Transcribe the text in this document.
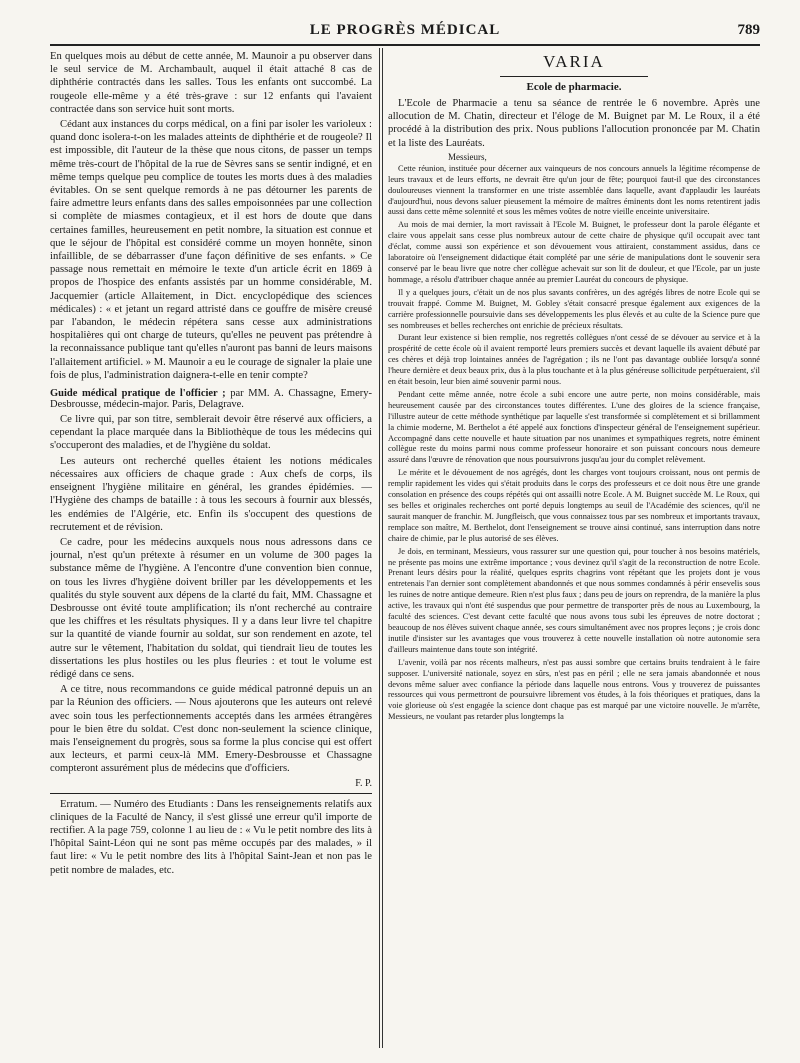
LE PROGRÈS MÉDICAL	789

En quelques mois au début de cette année, M. Maunoir a pu observer dans le seul service de M. Archambault, auquel il était attaché 8 cas de diphthérie contractés dans les salles. Tous les enfants ont succombé. La rougeole elle-même y a été très-grave : sur 12 enfants qui l'avaient contractée dans son service huit sont morts.

Cédant aux instances du corps médical, on a fini par isoler les varioleux : quand donc isolera-t-on les malades atteints de diphthérie et de rougeole? Il est impossible, dit l'auteur de la thèse que nous citons, de passer un temps même très-court de l'hôpital de la rue de Sèvres sans se sentir indigné, et en même temps quelque peu complice de toutes les morts dues à des maladies évitables. On se sent quelque remords à ne pas détourner les parents de faire admettre leurs enfants dans des salles empoisonnées par une collection si complète de miasmes contagieux, et il est hors de doute que dans certaines familles, heureusement en petit nombre, la situation est connue et que le séjour de l'hôpital est considéré comme un moyen honnête, sinon infaillible, de se débarrasser d'une façon définitive de ses enfants. » Ce passage nous remettait en mémoire le texte d'un article écrit en 1869 à propos de l'hospice des enfants assistés par un homme considérable, M. Jacquemier (article Allaitement, in Dict. encyclopédique des sciences médicales) : « et jetant un regard attristé dans ce gouffre de misère creusé par l'abandon, le médecin répétera sans cesse aux administrations hospitalières qui ont charge de tuteurs, qu'elles ne peuvent pas prétendre à la reconnaissance publique tant qu'elles n'auront pas banni de leurs maisons l'allaitement artificiel. » M. Maunoir a eu le courage de signaler la plaie une fois de plus, l'administration daignera-t-elle en tenir compte?

Guide médical pratique de l'officier ; par MM. A. Chassagne, Emery-Desbrousse, médecin-major. Paris, Delagrave.

Ce livre qui, par son titre, semblerait devoir être réservé aux officiers, a cependant la place marquée dans la Bibliothèque de tous les médecins qui s'occuperont des maladies, et de l'hygiène du soldat.

Les auteurs ont recherché quelles étaient les notions médicales nécessaires aux officiers de chaque grade : Aux chefs de corps, ils enseignent l'hygiène militaire en général, les grandes épidémies. — l'Hygiène des champs de bataille : à tous les secours à fournir aux blessés, les endémies de l'Algérie, etc. Enfin ils s'occupent des questions de recrutement et de révision.

Ce cadre, pour les médecins auxquels nous nous adressons dans ce journal, n'est qu'un prétexte à résumer en un volume de 300 pages la substance même de l'hygiène. A l'encontre d'une convention bien connue, on tous les livres d'hygiène doivent briller par les développements et les qualités du style souvent aux dépens de la clarté du fait, MM. Chassagne et Desbrousse ont évité toute amplification; ils n'ont recherché au contraire que les chiffres et les résultats physiques. Il y a dans leur livre tel chapitre sur la quantité de viande fournir au soldat, sur son rendement en azote, tel autre sur le vêtement, l'habitation du soldat, qui tiendrait lieu de toutes les dissertations les plus hostiles ou les plus fleuries : et tout le volume est rédigé dans ce sens.

A ce titre, nous recommandons ce guide médical patronné depuis un an par la Réunion des officiers. — Nous ajouterons que les auteurs ont relevé avec soin tous les perfectionnements acceptés dans les armées étrangères pour le bien être du soldat. C'est donc non-seulement la science clinique, mais l'enseignement du progrès, sous sa forme la plus concise qui est offert aux lecteurs, et parmi ceux-là MM. Emery-Desbrousse et Chassagne compteront assurément plus de médecins que d'officiers.

F. P.

Erratum. — Numéro des Etudiants : Dans les renseignements relatifs aux cliniques de la Faculté de Nancy, il s'est glissé une erreur qu'il importe de rectifier. A la page 759, colonne 1 au lieu de : « Vu le petit nombre des lits à l'hôpital Saint-Léon qui ne sont pas même occupés par des malades, » il faut lire: « Vu le petit nombre des lits à l'hôpital Saint-Jean et non pas le petit nombre de malades, etc.

VARIA
Ecole de pharmacie.

L'Ecole de Pharmacie a tenu sa séance de rentrée le 6 novembre. Après une allocution de M. Chatin, directeur et l'éloge de M. Buignet par M. Le Roux, il a été procédé à la distribution des prix. Nous publions l'allocution prononcée par M. Chatin et la liste des Lauréats.

Messieurs,

Cette réunion, instituée pour décerner aux vainqueurs de nos concours annuels la légitime récompense de leurs travaux et de leurs efforts, ne devrait être qu'un jour de fête; pourquoi faut-il que des circonstances douloureuses viennent la transformer en une triste assemblée dans laquelle, avant d'applaudir les lauréats d'aujourd'hui, nous devons saluer pieusement la mémoire de maîtres éminents dont les noms retentirent jadis aussi dans cette même solennité et sous les mêmes voûtes de notre vieille enceinte universitaire.

Au mois de mai dernier, la mort ravissait à l'Ecole M. Buignet, le professeur dont la parole élégante et claire vous appelait sans cesse plus nombreux autour de cette chaire de physique qu'il occupait avec tant d'éclat, comme aussi son expérience et son dévouement vous attiraient, constamment assidus, dans ce laboratoire où l'enseignement didactique était complété par une série de manipulations dont le souvenir sera conservé par le beau livre que notre cher collègue achevait sur son lit de douleur, et que l'Ecole, par un juste hommage, a résolu d'attribuer chaque année au premier Lauréat du concours de physique.

Il y a quelques jours, c'était un de nos plus savants confrères, un des agrégés libres de notre Ecole qui se trouvait frappé. Comme M. Buignet, M. Gobley s'était consacré presque également aux exigences de la carrière professionnelle poursuivie dans ses développements les plus élevés et au culte de la Science pure que ses nombreuses et belles recherches ont enrichie de précieux résultats.

Durant leur existence si bien remplie, nos regrettés collègues n'ont cessé de se dévouer au service et à la prospérité de cette école où il avaient remporté leurs premiers succès et devant laquelle ils avaient débuté par ces chères et déjà trop lointaines années de l'agrégation ; ils ne l'ont pas davantage oubliée lorsqu'a sonné l'heure dernière et deux beaux prix, dus à la plus touchante et à la plus généreuse sollicitude perpétueraient, s'il en était besoin, leur bien aimé souvenir parmi nous.

Pendant cette même année, notre école a subi encore une autre perte, non moins considérable, mais heureusement causée par des circonstances toutes différentes. L'une des gloires de la science française, l'illustre auteur de cette méthode synthétique par laquelle s'est transformée si complètement et si brillamment la chimie moderne, M. Berthelot a été appelé aux fonctions d'inspecteur général de l'enseignement supérieur. Accompagné dans cette nouvelle et haute situation par nos unanimes et sympathiques regrets, notre éminent collègue reste du moins parmi nous comme professeur honoraire et son puissant concours nous demeure assuré dans l'œuvre de rénovation que nous poursuivrons jusqu'au jour du complet relèvement.

Le mérite et le dévouement de nos agrégés, dont les charges vont toujours croissant, nous ont permis de remplir rapidement les vides qui s'était produits dans le corps des professeurs et ce doit nous être une grande consolation en présence des coups répétés qui ont assailli notre Ecole. A M. Buignet succède M. Le Roux, qui ses belles et originales recherches ont porté depuis longtemps au seuil de l'Académie des sciences, qu'il ne saurait manquer de franchir. M. Jungfleisch, que vous connaissez tous par ses nombreux et importants travaux, remplace son maître, M. Berthelot, dont l'enseignement se trouve ainsi continué, sans interruption dans notre chaire de chimie, par le plus autorisé de ses élèves.

Je dois, en terminant, Messieurs, vous rassurer sur une question qui, pour toucher à nos besoins matériels, ne présente pas moins une extrême importance ; vous devinez qu'il s'agit de la reconstruction de notre Ecole. Prenant leurs désirs pour la réalité, quelques esprits chagrins vont répétant que les projets dont je vous entretenais l'an dernier sont complètement abandonnés et que nous sommes condamnés à périr ensevelis sous les ruines de notre antique demeure. Rien n'est plus faux ; dans peu de jours on reprendra, de la manière la plus active, les travaux qui n'ont été suspendus que pour permettre de transporter près de nous au Luxembourg, la faculté des sciences. C'est devant cette faculté que nous avons tous subi les épreuves de notre doctorat ; beaucoup de nos élèves suivent chaque année, ses cours simultanément avec nos propres leçons ; je crois donc inutile d'insister sur les avantages que vous trouverez à cette nouvelle installation où notre autonomie sera d'ailleurs maintenue dans toute son intégrité.

L'avenir, voilà par nos récents malheurs, n'est pas aussi sombre que certains bruits tendraient à le faire supposer. L'université nationale, soyez en sûrs, n'est pas en péril ; elle ne sera jamais abandonnée et nous devons même saluer avec confiance la période dans laquelle nous entrons. Vous y trouverez de puissantes ressources qui vous permettront de poursuivre librement vos études, à la fois théoriques et pratiques, dans la voie glorieuse où s'est engagée la science dont chaque pas est marqué par une victoire nouvelle. Je m'arrête, Messieurs, ne voulant pas retarder plus longtemps la
